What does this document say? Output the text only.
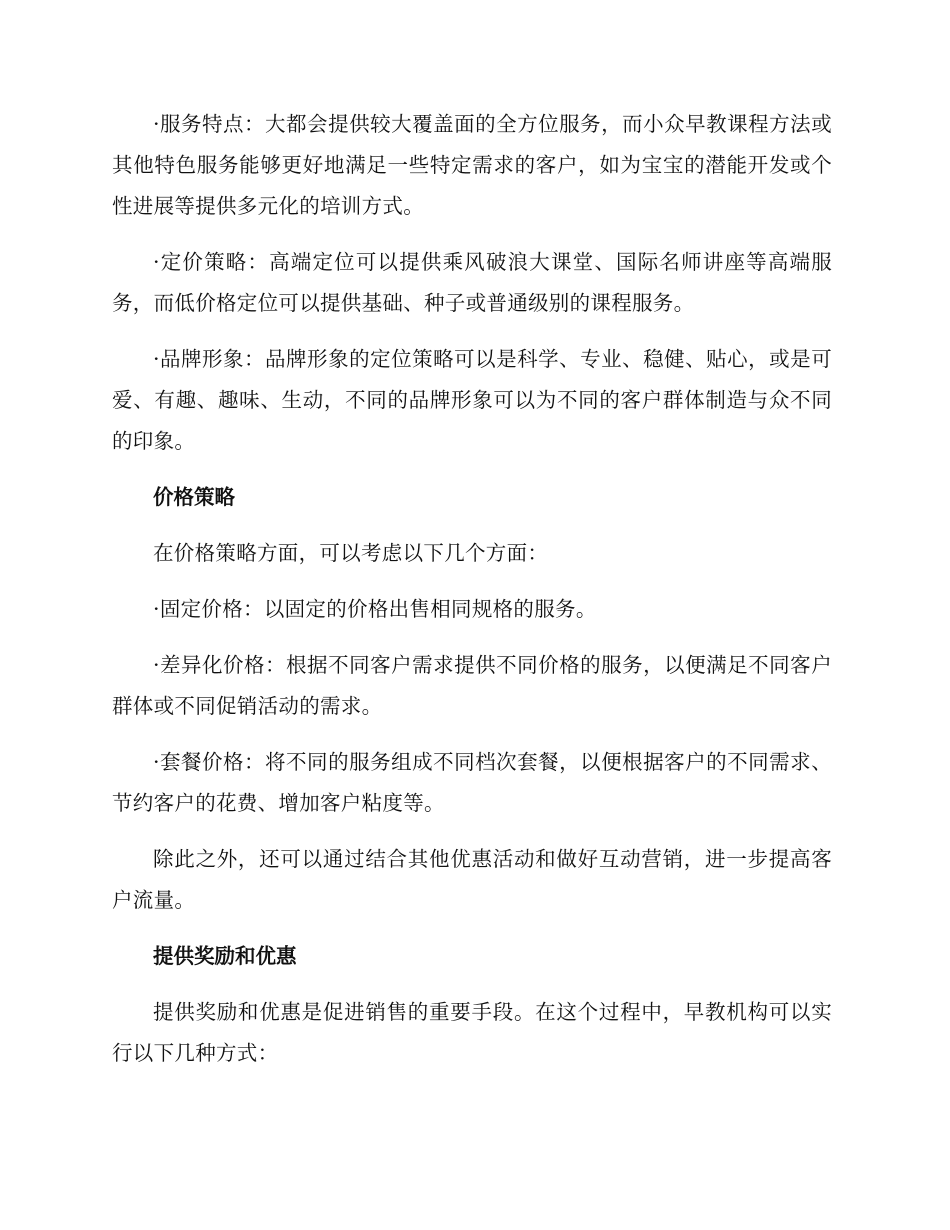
·服务特点：大都会提供较大覆盖面的全方位服务，而小众早教课程方法或其他特色服务能够更好地满足一些特定需求的客户，如为宝宝的潜能开发或个性进展等提供多元化的培训方式。

·定价策略：高端定位可以提供乘风破浪大课堂、国际名师讲座等高端服务，而低价格定位可以提供基础、种子或普通级别的课程服务。

·品牌形象：品牌形象的定位策略可以是科学、专业、稳健、贴心，或是可爱、有趣、趣味、生动，不同的品牌形象可以为不同的客户群体制造与众不同的印象。

价格策略

在价格策略方面，可以考虑以下几个方面：

·固定价格：以固定的价格出售相同规格的服务。

·差异化价格：根据不同客户需求提供不同价格的服务，以便满足不同客户群体或不同促销活动的需求。

·套餐价格：将不同的服务组成不同档次套餐，以便根据客户的不同需求、节约客户的花费、增加客户粘度等。

除此之外，还可以通过结合其他优惠活动和做好互动营销，进一步提高客户流量。

提供奖励和优惠

提供奖励和优惠是促进销售的重要手段。在这个过程中，早教机构可以实行以下几种方式：
